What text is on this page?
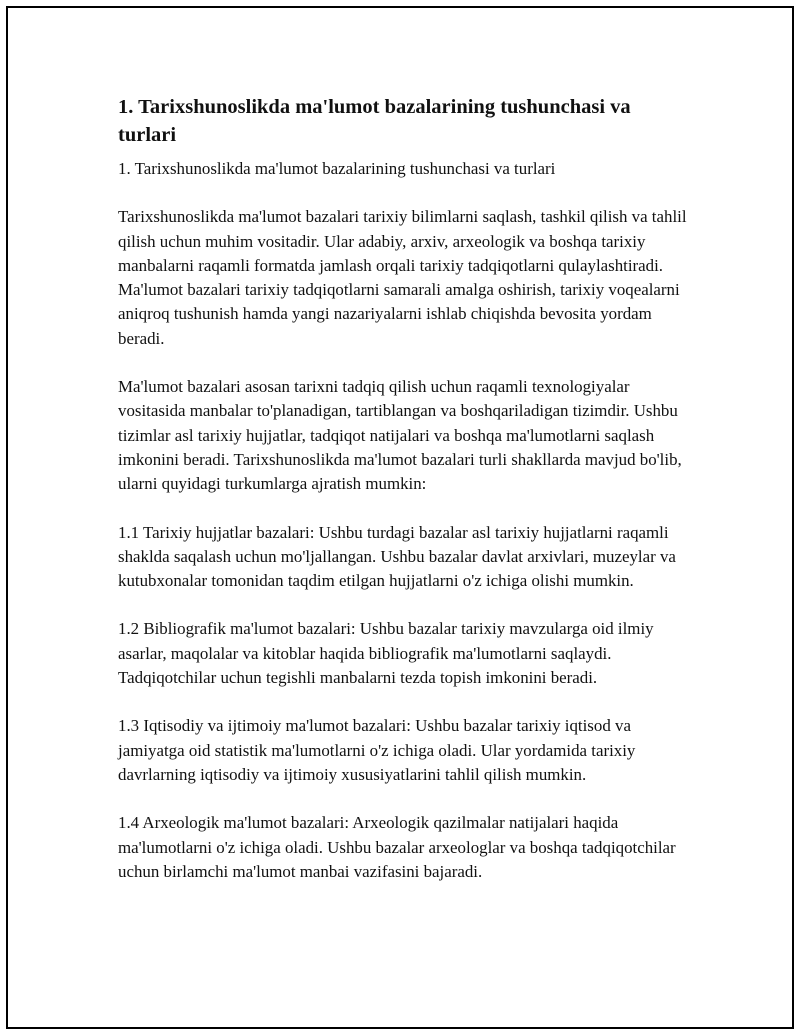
1. Tarixshunoslikda ma'lumot bazalarining tushunchasi va turlari

1. Tarixshunoslikda ma'lumot bazalarining tushunchasi va turlari

Tarixshunoslikda ma'lumot bazalari tarixiy bilimlarni saqlash, tashkil qilish va tahlil qilish uchun muhim vositadir. Ular adabiy, arxiv, arxeologik va boshqa tarixiy manbalarni raqamli formatda jamlash orqali tarixiy tadqiqotlarni qulaylashtiradi. Ma'lumot bazalari tarixiy tadqiqotlarni samarali amalga oshirish, tarixiy voqealarni aniqroq tushunish hamda yangi nazariyalarni ishlab chiqishda bevosita yordam beradi.

Ma'lumot bazalari asosan tarixni tadqiq qilish uchun raqamli texnologiyalar vositasida manbalar to'planadigan, tartiblangan va boshqariladigan tizimdir. Ushbu tizimlar asl tarixiy hujjatlar, tadqiqot natijalari va boshqa ma'lumotlarni saqlash imkonini beradi. Tarixshunoslikda ma'lumot bazalari turli shakllarda mavjud bo'lib, ularni quyidagi turkumlarga ajratish mumkin:

1.1 Tarixiy hujjatlar bazalari: Ushbu turdagi bazalar asl tarixiy hujjatlarni raqamli shaklda saqalash uchun mo'ljallangan. Ushbu bazalar davlat arxivlari, muzeylar va kutubxonalar tomonidan taqdim etilgan hujjatlarni o'z ichiga olishi mumkin.

1.2 Bibliografik ma'lumot bazalari: Ushbu bazalar tarixiy mavzularga oid ilmiy asarlar, maqolalar va kitoblar haqida bibliografik ma'lumotlarni saqlaydi. Tadqiqotchilar uchun tegishli manbalarni tezda topish imkonini beradi.

1.3 Iqtisodiy va ijtimoiy ma'lumot bazalari: Ushbu bazalar tarixiy iqtisod va jamiyatga oid statistik ma'lumotlarni o'z ichiga oladi. Ular yordamida tarixiy davrlarning iqtisodiy va ijtimoiy xususiyatlarini tahlil qilish mumkin.

1.4 Arxeologik ma'lumot bazalari: Arxeologik qazilmalar natijalari haqida ma'lumotlarni o'z ichiga oladi. Ushbu bazalar arxeologlar va boshqa tadqiqotchilar uchun birlamchi ma'lumot manbai vazifasini bajaradi.
